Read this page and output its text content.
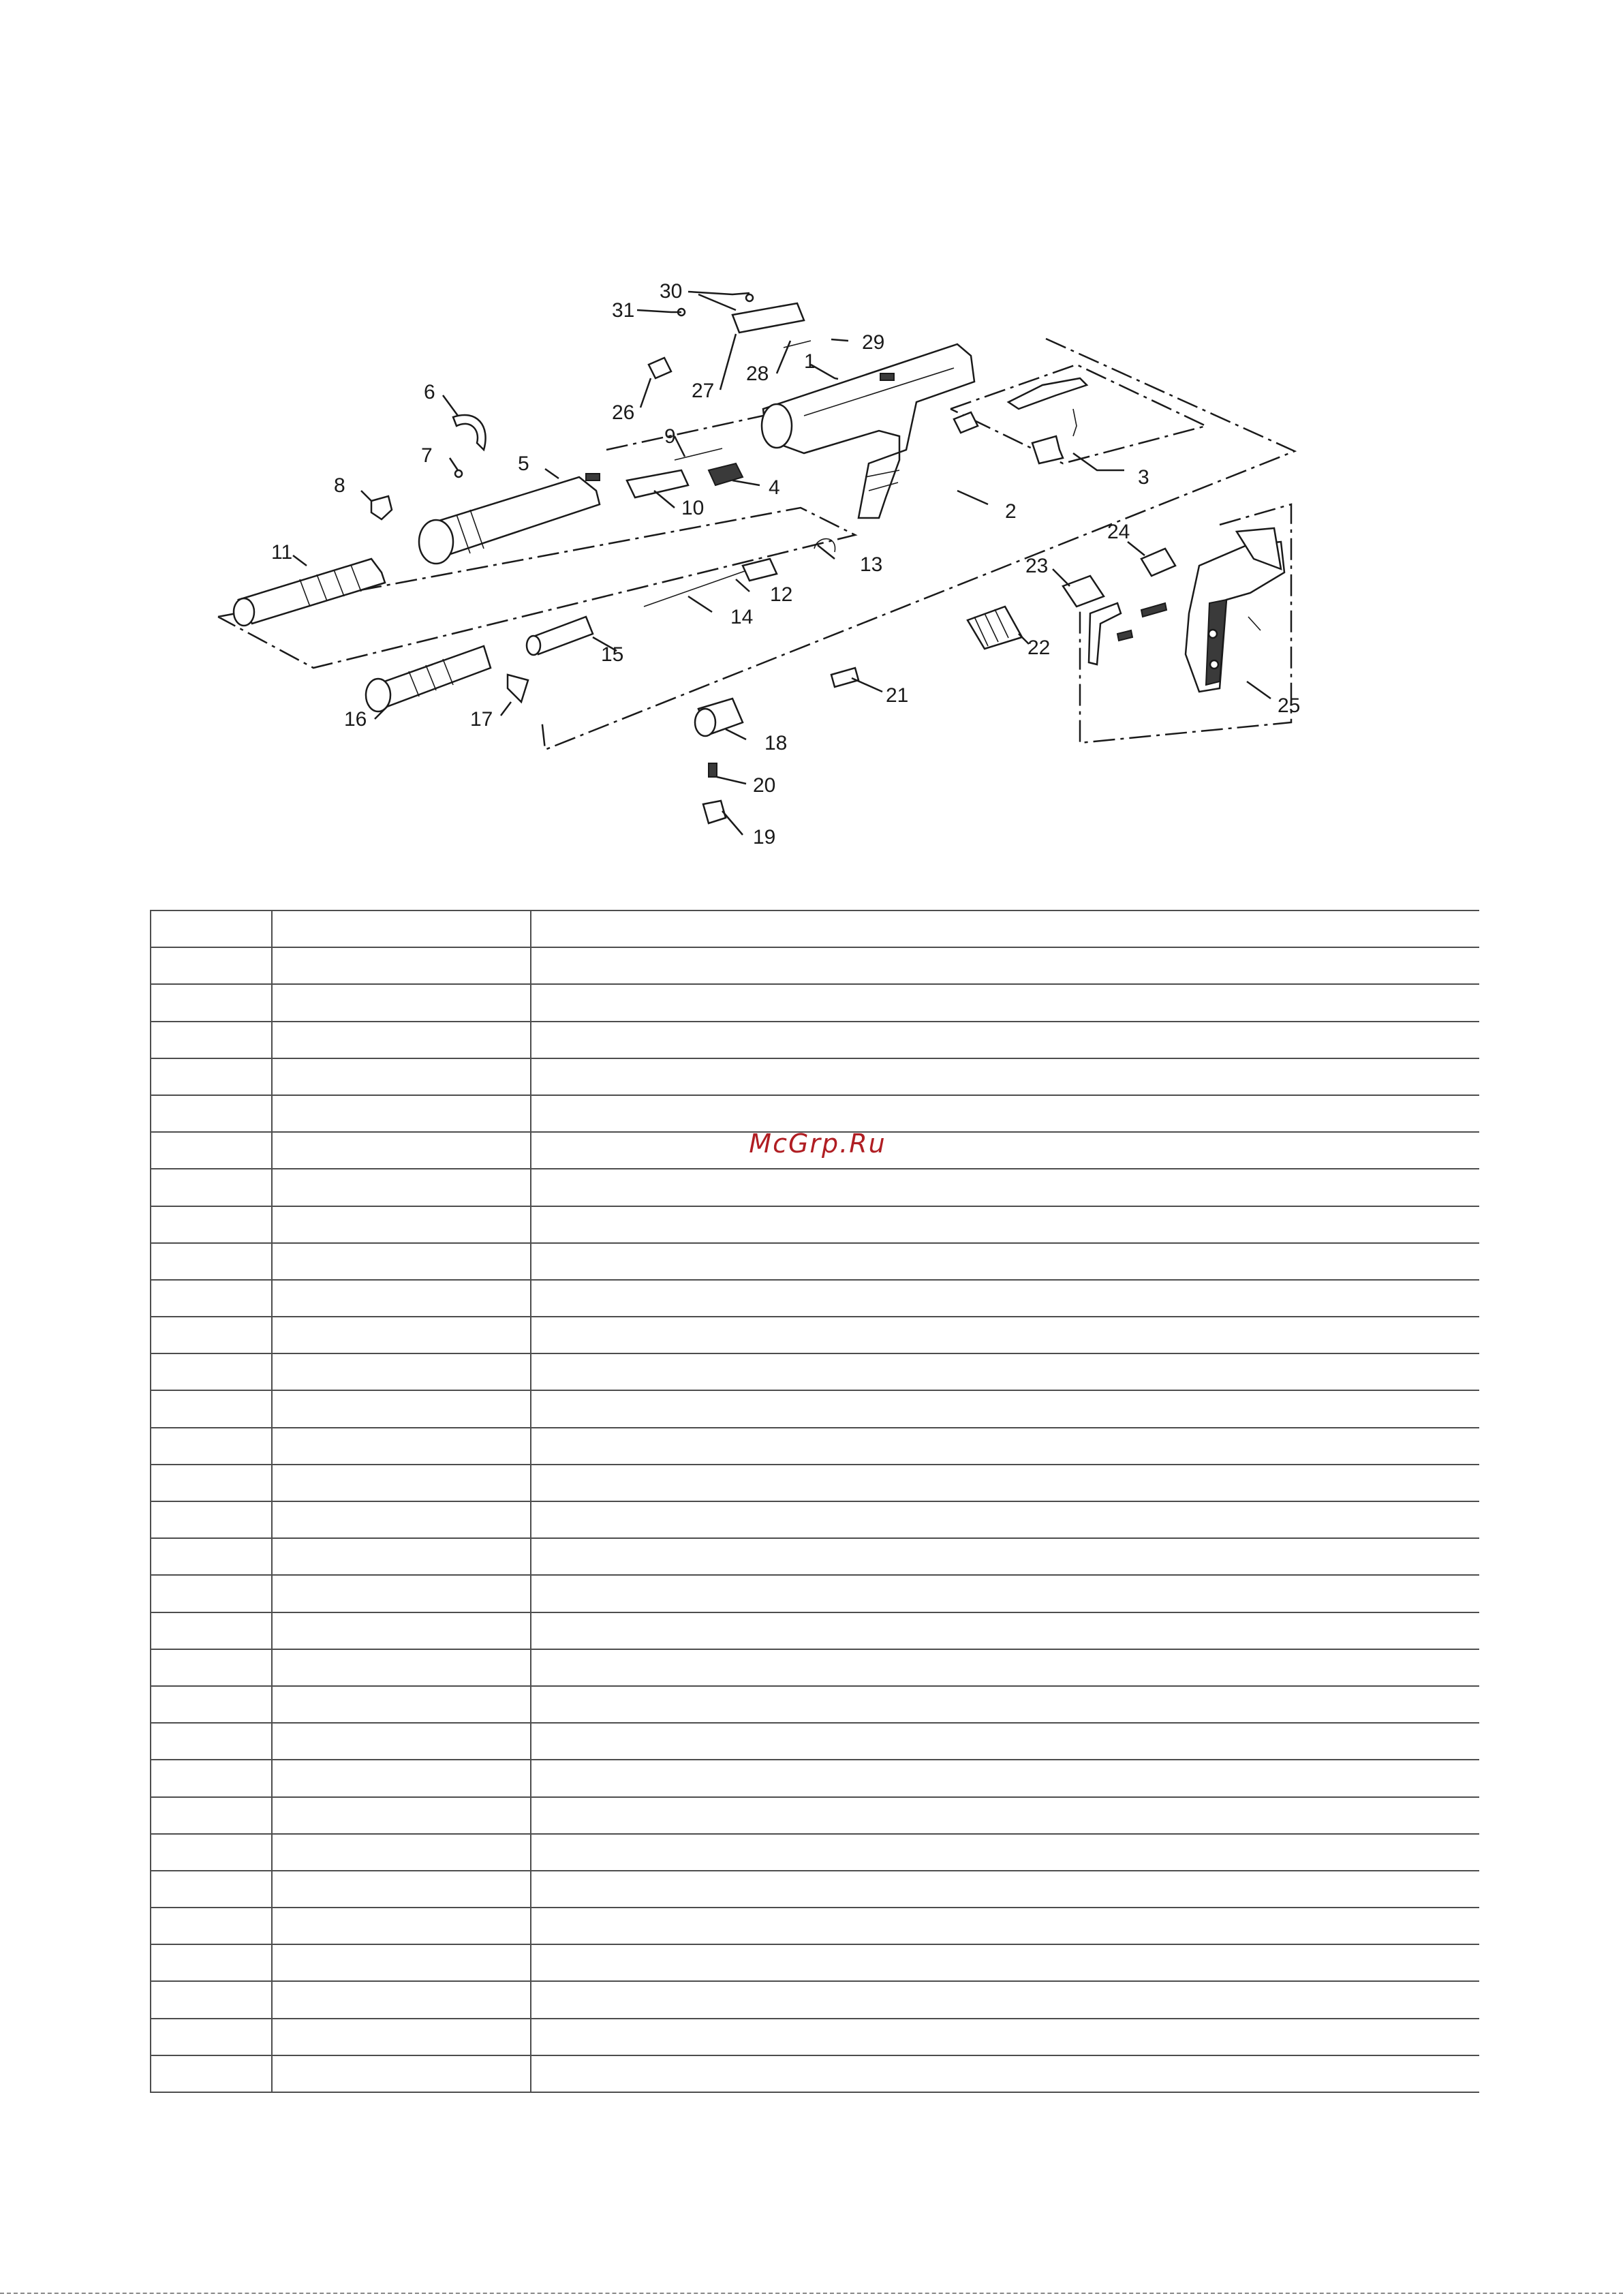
1
2
3
4
5
6
7
8
9
10
11
12
13
14
15
16	17
18
19
20
21
22
23
24
25
26
27
28
29
30
31

McGrp.Ru
